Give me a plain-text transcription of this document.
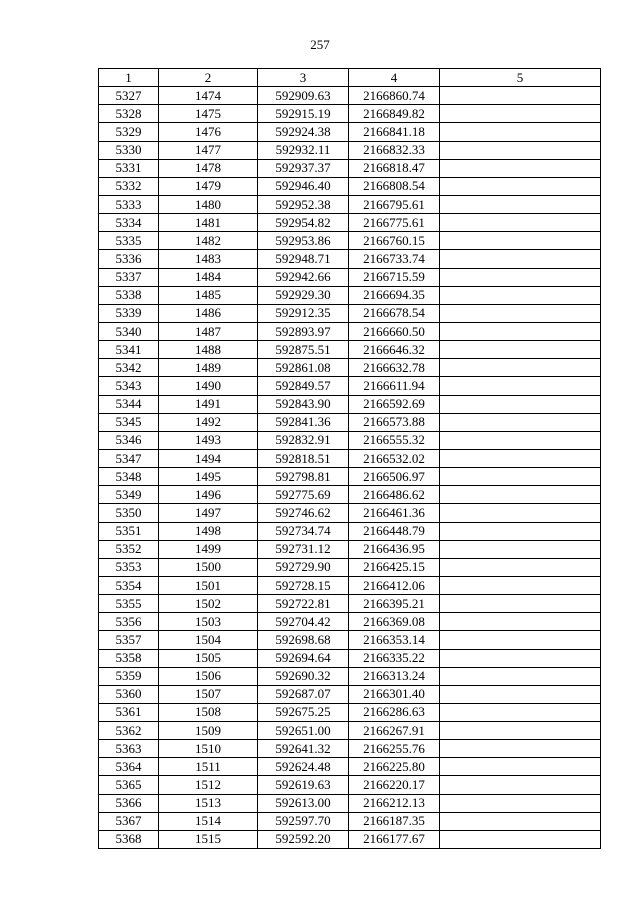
257
1	2	3	4	5
5327	1474	592909.63	2166860.74	
5328	1475	592915.19	2166849.82	
5329	1476	592924.38	2166841.18	
5330	1477	592932.11	2166832.33	
5331	1478	592937.37	2166818.47	
5332	1479	592946.40	2166808.54	
5333	1480	592952.38	2166795.61	
5334	1481	592954.82	2166775.61	
5335	1482	592953.86	2166760.15	
5336	1483	592948.71	2166733.74	
5337	1484	592942.66	2166715.59	
5338	1485	592929.30	2166694.35	
5339	1486	592912.35	2166678.54	
5340	1487	592893.97	2166660.50	
5341	1488	592875.51	2166646.32	
5342	1489	592861.08	2166632.78	
5343	1490	592849.57	2166611.94	
5344	1491	592843.90	2166592.69	
5345	1492	592841.36	2166573.88	
5346	1493	592832.91	2166555.32	
5347	1494	592818.51	2166532.02	
5348	1495	592798.81	2166506.97	
5349	1496	592775.69	2166486.62	
5350	1497	592746.62	2166461.36	
5351	1498	592734.74	2166448.79	
5352	1499	592731.12	2166436.95	
5353	1500	592729.90	2166425.15	
5354	1501	592728.15	2166412.06	
5355	1502	592722.81	2166395.21	
5356	1503	592704.42	2166369.08	
5357	1504	592698.68	2166353.14	
5358	1505	592694.64	2166335.22	
5359	1506	592690.32	2166313.24	
5360	1507	592687.07	2166301.40	
5361	1508	592675.25	2166286.63	
5362	1509	592651.00	2166267.91	
5363	1510	592641.32	2166255.76	
5364	1511	592624.48	2166225.80	
5365	1512	592619.63	2166220.17	
5366	1513	592613.00	2166212.13	
5367	1514	592597.70	2166187.35	
5368	1515	592592.20	2166177.67	
